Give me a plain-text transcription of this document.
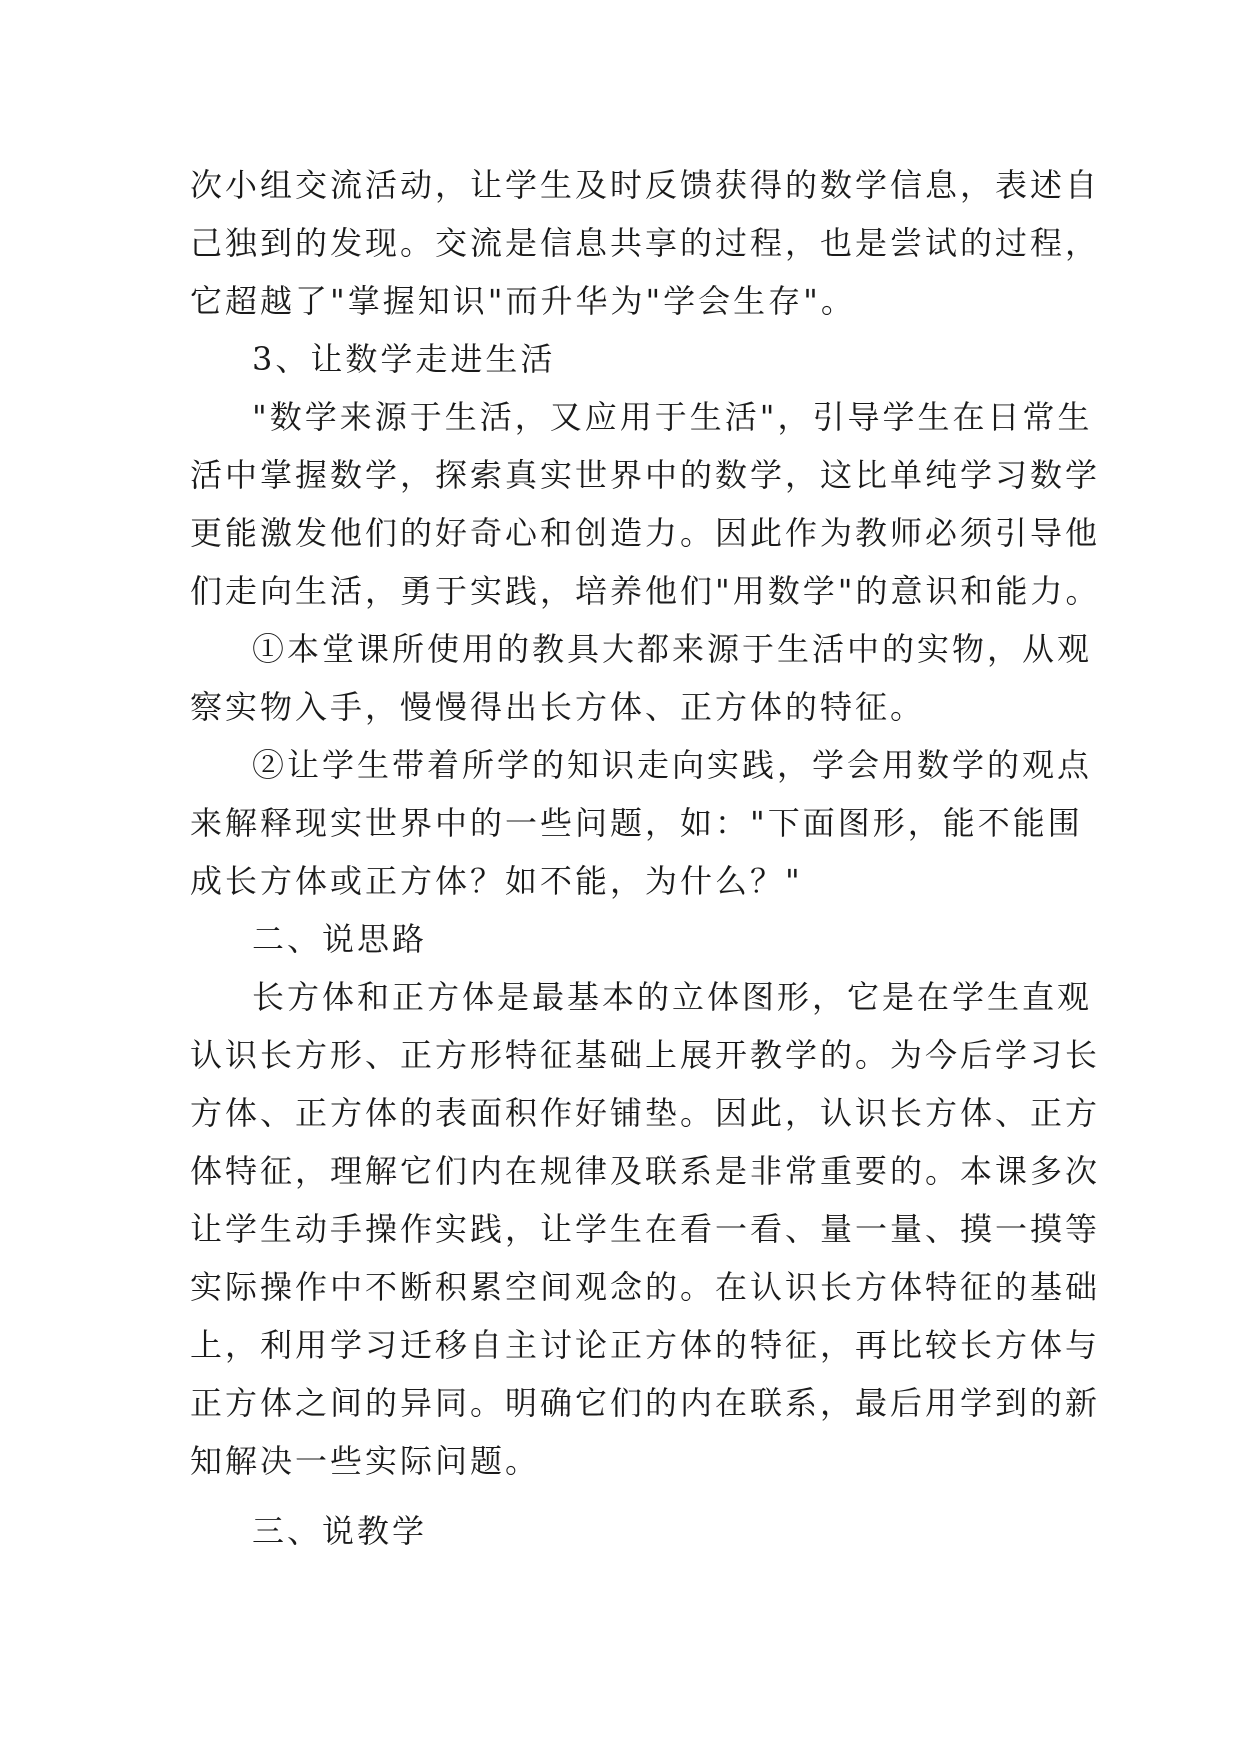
次小组交流活动，让学生及时反馈获得的数学信息，表述自
己独到的发现。交流是信息共享的过程，也是尝试的过程，
它超越了"掌握知识"而升华为"学会生存"。
3、让数学走进生活
"数学来源于生活，又应用于生活"，引导学生在日常生
活中掌握数学，探索真实世界中的数学，这比单纯学习数学
更能激发他们的好奇心和创造力。因此作为教师必须引导他
们走向生活，勇于实践，培养他们"用数学"的意识和能力。
①本堂课所使用的教具大都来源于生活中的实物，从观
察实物入手，慢慢得出长方体、正方体的特征。
②让学生带着所学的知识走向实践，学会用数学的观点
来解释现实世界中的一些问题，如："下面图形，能不能围
成长方体或正方体？如不能，为什么？"
二、说思路
长方体和正方体是最基本的立体图形，它是在学生直观
认识长方形、正方形特征基础上展开教学的。为今后学习长
方体、正方体的表面积作好铺垫。因此，认识长方体、正方
体特征，理解它们内在规律及联系是非常重要的。本课多次
让学生动手操作实践，让学生在看一看、量一量、摸一摸等
实际操作中不断积累空间观念的。在认识长方体特征的基础
上，利用学习迁移自主讨论正方体的特征，再比较长方体与
正方体之间的异同。明确它们的内在联系，最后用学到的新
知解决一些实际问题。
三、说教学
